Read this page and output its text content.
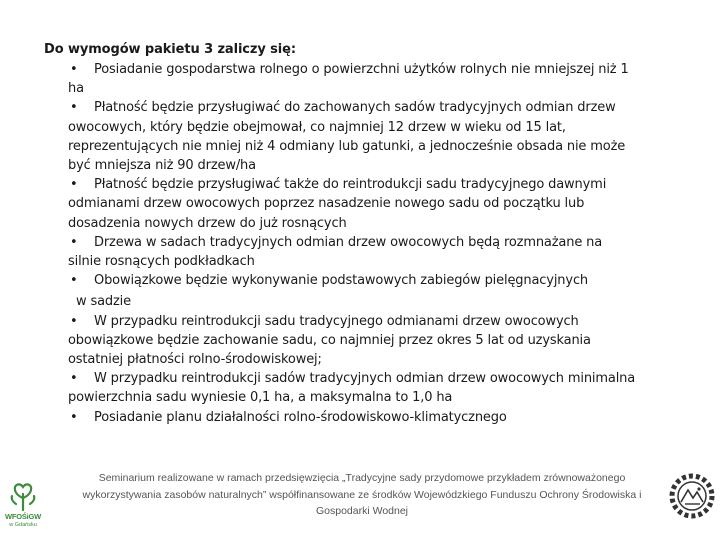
Do wymogów pakietu 3 zaliczy się:

• Posiadanie gospodarstwa rolnego o powierzchni użytków rolnych nie mniejszej niż 1 ha
• Płatność będzie przysługiwać do zachowanych sadów tradycyjnych odmian drzew owocowych, który będzie obejmował, co najmniej 12 drzew w wieku od 15 lat, reprezentujących nie mniej niż 4 odmiany lub gatunki, a jednocześnie obsada nie może być mniejsza niż 90 drzew/ha
• Płatność będzie przysługiwać także do reintrodukcji sadu tradycyjnego dawnymi odmianami drzew owocowych poprzez nasadzenie nowego sadu od początku lub dosadzenia nowych drzew do już rosnących
• Drzewa w sadach tradycyjnych odmian drzew owocowych będą rozmnażane na silnie rosnących podkładkach
• Obowiązkowe będzie wykonywanie podstawowych zabiegów pielęgnacyjnych
w sadzie
• W przypadku reintrodukcji sadu tradycyjnego odmianami drzew owocowych obowiązkowe będzie zachowanie sadu, co najmniej przez okres 5 lat od uzyskania ostatniej płatności rolno-środowiskowej;
• W przypadku reintrodukcji sadów tradycyjnych odmian drzew owocowych minimalna powierzchnia sadu wyniesie 0,1 ha, a maksymalna to 1,0 ha
• Posiadanie planu działalności rolno-środowiskowo-klimatycznego
WFOŚiGW
w Gdańsku

Seminarium realizowane w ramach przedsięwzięcia „Tradycyjne sady przydomowe przykładem zrównoważonego wykorzystywania zasobów naturalnych” współfinansowane ze środków Wojewódzkiego Funduszu Ochrony Środowiska i Gospodarki Wodnej
